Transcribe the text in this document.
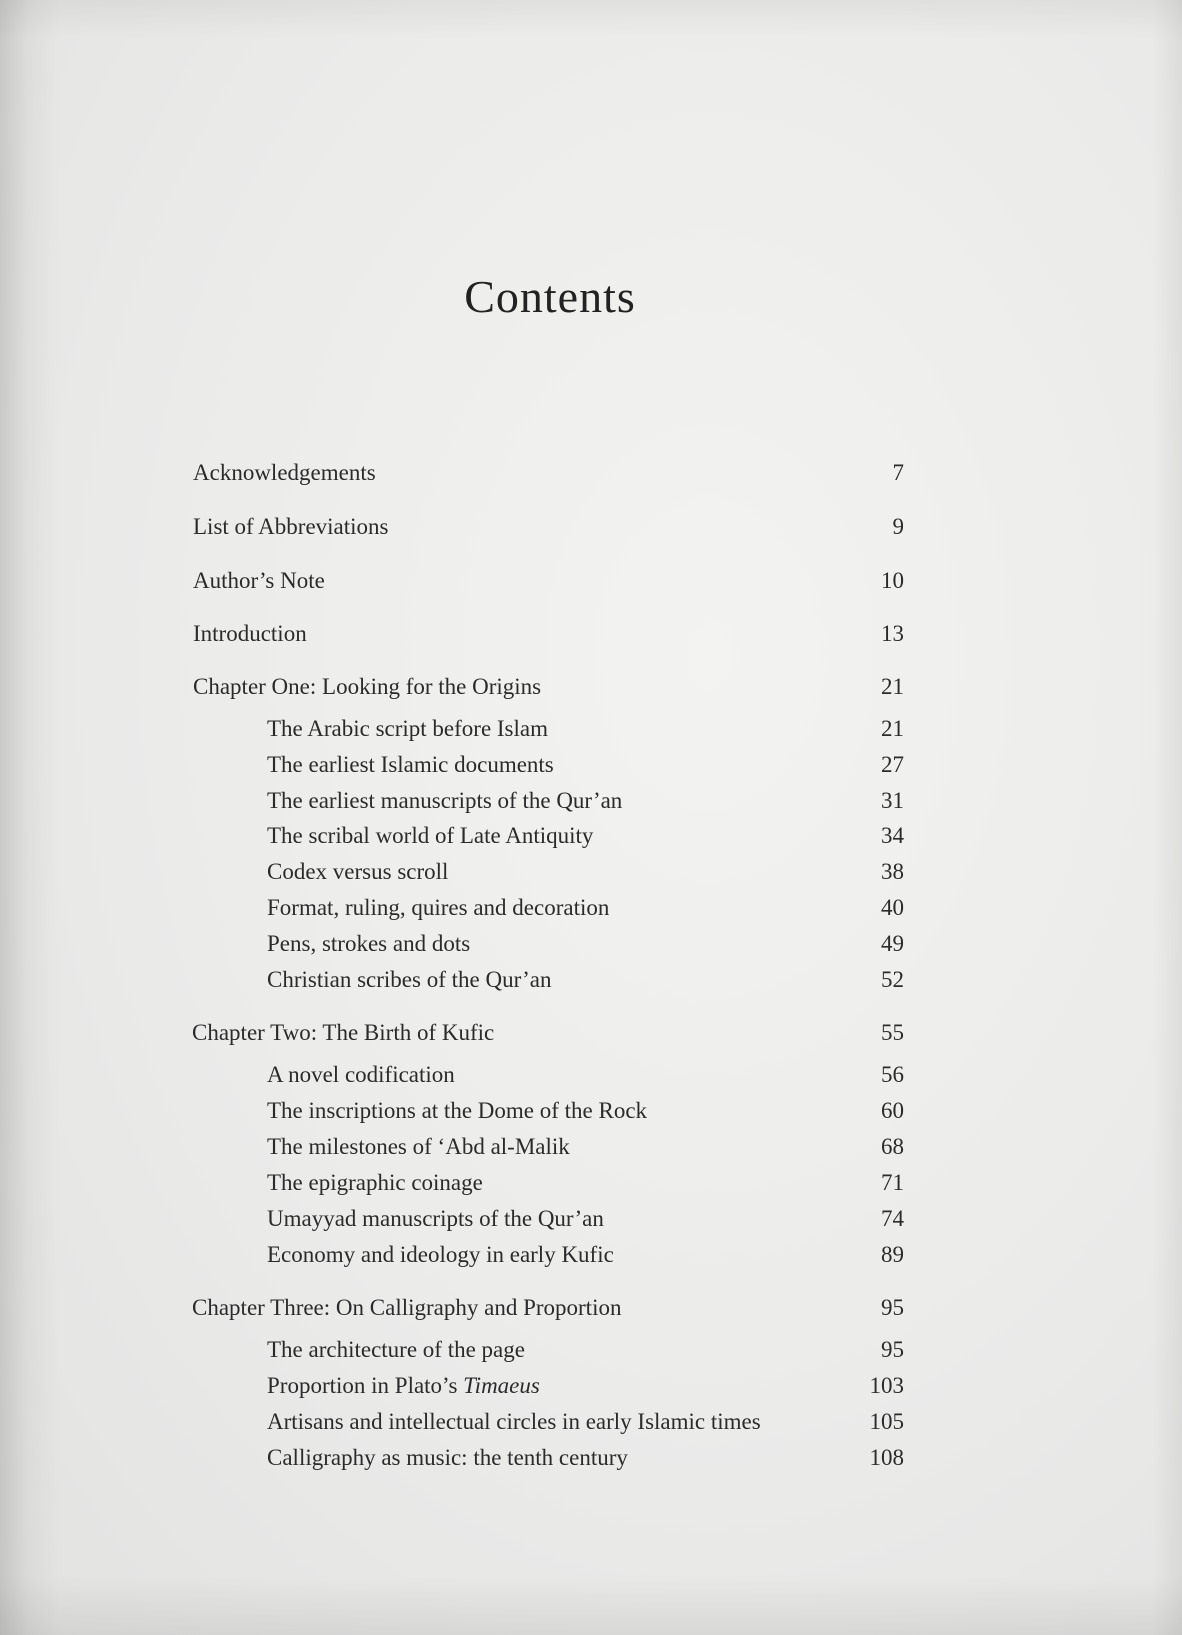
Contents
Acknowledgements	7
List of Abbreviations	9
Author’s Note	10
Introduction	13
Chapter One: Looking for the Origins	21
The Arabic script before Islam	21
The earliest Islamic documents	27
The earliest manuscripts of the Qur’an	31
The scribal world of Late Antiquity	34
Codex versus scroll	38
Format, ruling, quires and decoration	40
Pens, strokes and dots	49
Christian scribes of the Qur’an	52
Chapter Two: The Birth of Kufic	55
A novel codification	56
The inscriptions at the Dome of the Rock	60
The milestones of ‘Abd al-Malik	68
The epigraphic coinage	71
Umayyad manuscripts of the Qur’an	74
Economy and ideology in early Kufic	89
Chapter Three: On Calligraphy and Proportion	95
The architecture of the page	95
Proportion in Plato’s Timaeus	103
Artisans and intellectual circles in early Islamic times	105
Calligraphy as music: the tenth century	108
